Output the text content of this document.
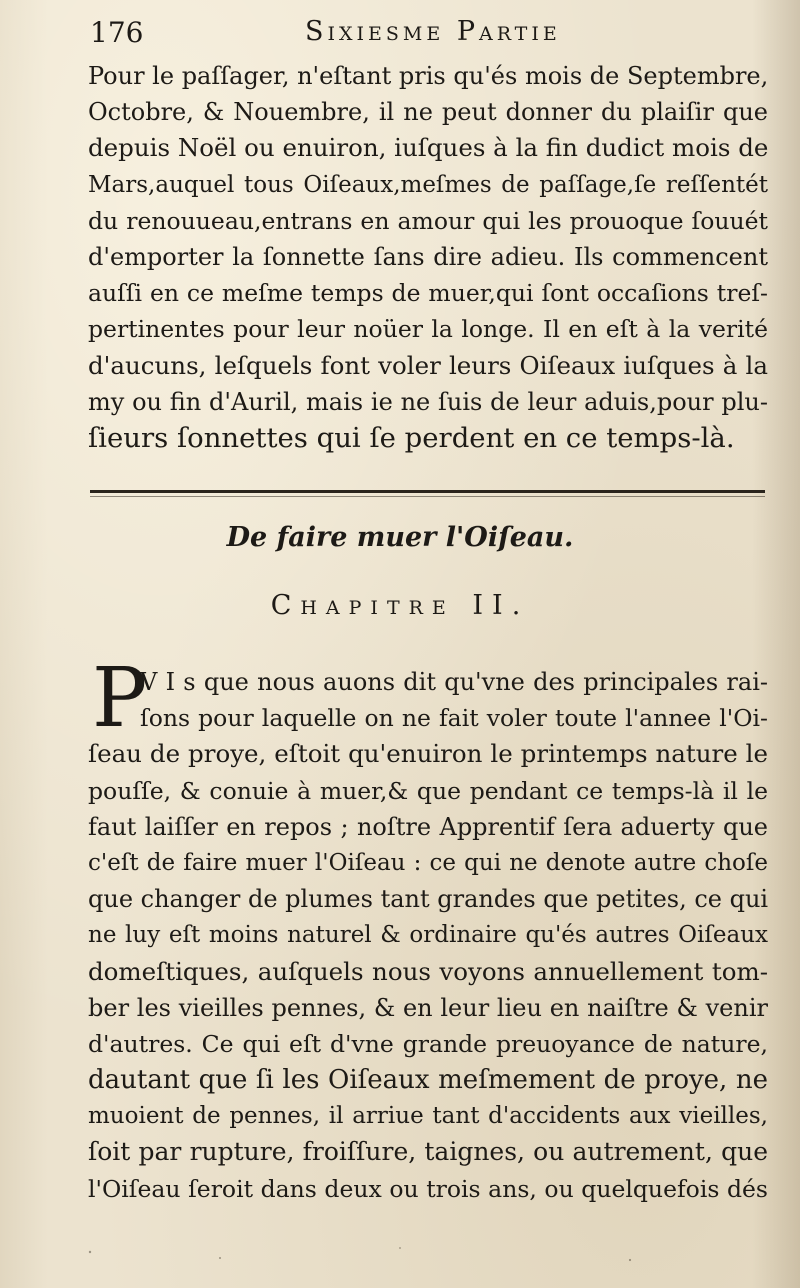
176	Sixiesme Partie
Pour le paſſager, n'eſtant pris qu'és mois de Septembre,
Octobre, & Nouembre, il ne peut donner du plaiſir que
depuis Noël ou enuiron, iuſques à la fin dudict mois de
Mars,auquel tous Oiſeaux,meſmes de paſſage,ſe reſſentét
du renouueau,entrans en amour qui les prouoque ſouuét
d'emporter la ſonnette ſans dire adieu. Ils commencent
auſſi en ce meſme temps de muer,qui ſont occaſions treſ-
pertinentes pour leur noüer la longe. Il en eſt à la verité
d'aucuns, leſquels font voler leurs Oiſeaux iuſques à la
my ou fin d'Auril, mais ie ne ſuis de leur aduis,pour plu-
ſieurs ſonnettes qui ſe perdent en ce temps-là.
De faire muer l'Oiſeau.
Chapitre II.
P
V I s que nous auons dit qu'vne des principales rai-
ſons pour laquelle on ne fait voler toute l'annee l'Oi-
ſeau de proye, eſtoit qu'enuiron le printemps nature le
pouſſe, & conuie à muer,& que pendant ce temps-là il le
faut laiſſer en repos ; noſtre Apprentif ſera aduerty que
c'eſt de faire muer l'Oiſeau : ce qui ne denote autre choſe
que changer de plumes tant grandes que petites, ce qui
ne luy eſt moins naturel & ordinaire qu'és autres Oiſeaux
domeſtiques, auſquels nous voyons annuellement tom-
ber les vieilles pennes, & en leur lieu en naiſtre & venir
d'autres. Ce qui eſt d'vne grande preuoyance de nature,
dautant que ſi les Oiſeaux meſmement de proye, ne
muoient de pennes, il arriue tant d'accidents aux vieilles,
ſoit par rupture, froiſſure, taignes, ou autrement, que
l'Oiſeau ſeroit dans deux ou trois ans, ou quelquefois dés
